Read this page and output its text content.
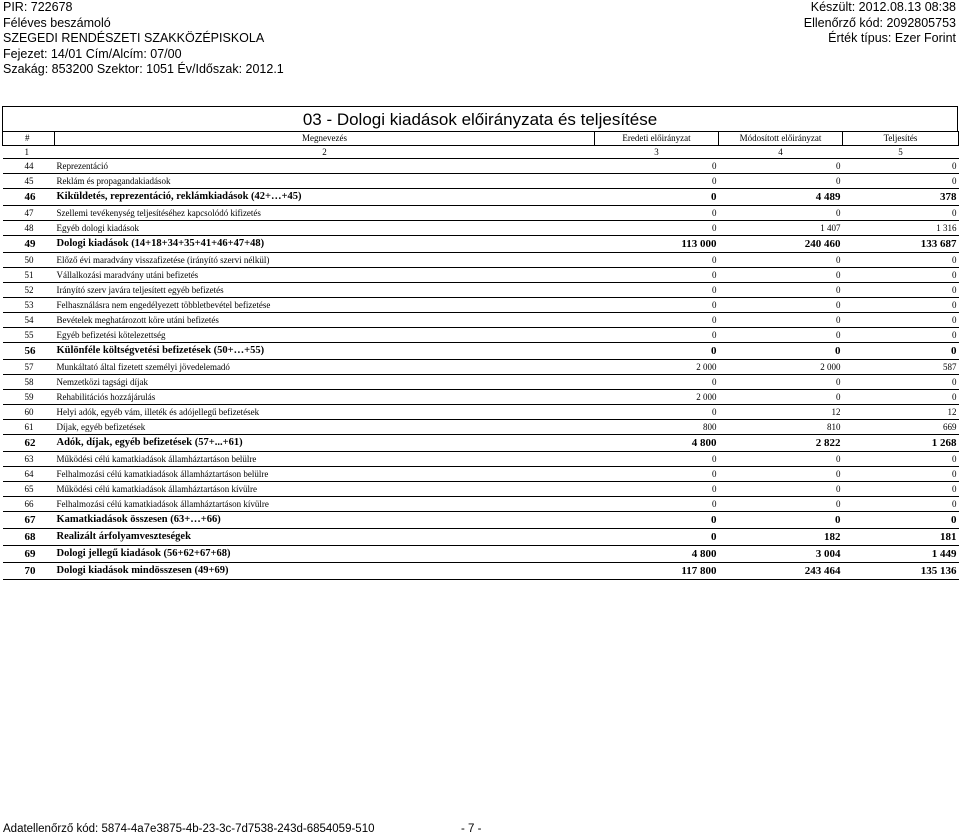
PIR: 722678
Féléves beszámoló
SZEGEDI RENDÉSZETI SZAKKÖZÉPISKOLA
Fejezet: 14/01 Cím/Alcím: 07/00
Szakág: 853200 Szektor: 1051 Év/Időszak: 2012.1
Készült: 2012.08.13 08:38
Ellenőrző kód: 2092805753
Érték típus: Ezer Forint
03 - Dologi kiadások előirányzata és teljesítése
#	Megnevezés	Eredeti előirányzat	Módosított előirányzat	Teljesítés
1	2	3	4	5
44	Reprezentáció	0	0	0
45	Reklám és propagandakiadások	0	0	0
46	Kiküldetés, reprezentáció, reklámkiadások (42+…+45)	0	4 489	378
47	Szellemi tevékenység teljesítéséhez kapcsolódó kifizetés	0	0	0
48	Egyéb dologi kiadások	0	1 407	1 316
49	Dologi kiadások (14+18+34+35+41+46+47+48)	113 000	240 460	133 687
50	Előző évi maradvány visszafizetése (irányító szervi nélkül)	0	0	0
51	Vállalkozási maradvány utáni befizetés	0	0	0
52	Irányító szerv javára teljesített egyéb befizetés	0	0	0
53	Felhasználásra nem engedélyezett többletbevétel befizetése	0	0	0
54	Bevételek meghatározott köre utáni befizetés	0	0	0
55	Egyéb befizetési kötelezettség	0	0	0
56	Különféle költségvetési befizetések (50+…+55)	0	0	0
57	Munkáltató által fizetett személyi jövedelemadó	2 000	2 000	587
58	Nemzetközi tagsági díjak	0	0	0
59	Rehabilitációs hozzájárulás	2 000	0	0
60	Helyi adók, egyéb vám, illeték és adójellegű befizetések	0	12	12
61	Díjak, egyéb befizetések	800	810	669
62	Adók, díjak, egyéb befizetések (57+...+61)	4 800	2 822	1 268
63	Működési célú kamatkiadások államháztartáson belülre	0	0	0
64	Felhalmozási célú kamatkiadások államháztartáson belülre	0	0	0
65	Működési célú kamatkiadások államháztartáson kívülre	0	0	0
66	Felhalmozási célú kamatkiadások államháztartáson kívülre	0	0	0
67	Kamatkiadások összesen (63+…+66)	0	0	0
68	Realizált árfolyamveszteségek	0	182	181
69	Dologi jellegű kiadások (56+62+67+68)	4 800	3 004	1 449
70	Dologi kiadások mindösszesen (49+69)	117 800	243 464	135 136
Adatellenőrző kód: 5874-4a7e3875-4b-23-3c-7d7538-243d-6854059-510	- 7 -
